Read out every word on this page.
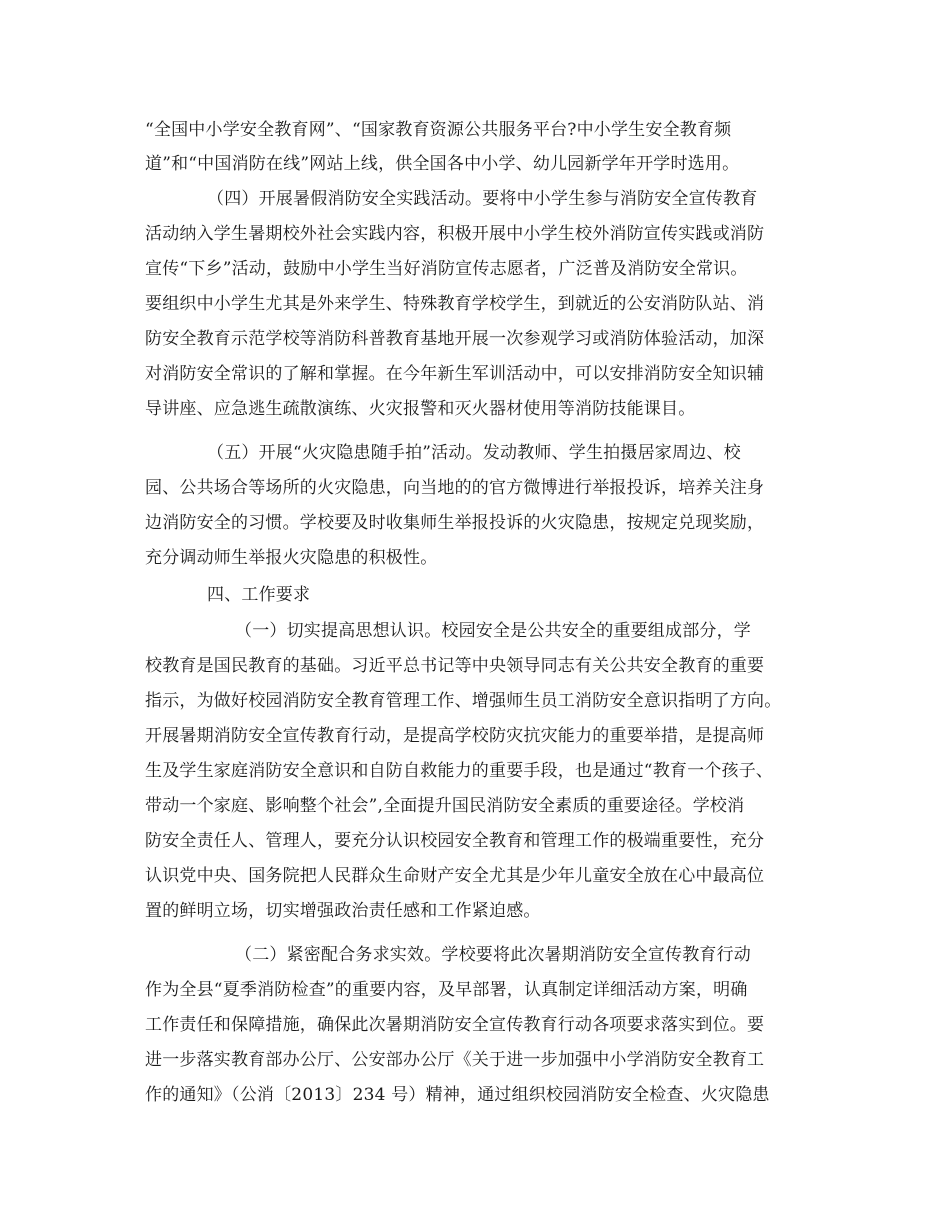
“全国中小学安全教育网”、“国家教育资源公共服务平台?中小学生安全教育频
道”和“中国消防在线”网站上线，供全国各中小学、幼儿园新学年开学时选用。
（四）开展暑假消防安全实践活动。要将中小学生参与消防安全宣传教育
活动纳入学生暑期校外社会实践内容，积极开展中小学生校外消防宣传实践或消防
宣传“下乡”活动，鼓励中小学生当好消防宣传志愿者，广泛普及消防安全常识。
要组织中小学生尤其是外来学生、特殊教育学校学生，到就近的公安消防队站、消
防安全教育示范学校等消防科普教育基地开展一次参观学习或消防体验活动，加深
对消防安全常识的了解和掌握。在今年新生军训活动中，可以安排消防安全知识辅
导讲座、应急逃生疏散演练、火灾报警和灭火器材使用等消防技能课目。
（五）开展“火灾隐患随手拍”活动。发动教师、学生拍摄居家周边、校
园、公共场合等场所的火灾隐患，向当地的的官方微博进行举报投诉，培养关注身
边消防安全的习惯。学校要及时收集师生举报投诉的火灾隐患，按规定兑现奖励，
充分调动师生举报火灾隐患的积极性。
四、工作要求
（一）切实提高思想认识。校园安全是公共安全的重要组成部分，学
校教育是国民教育的基础。习近平总书记等中央领导同志有关公共安全教育的重要
指示，为做好校园消防安全教育管理工作、增强师生员工消防安全意识指明了方向。
开展暑期消防安全宣传教育行动，是提高学校防灾抗灾能力的重要举措，是提高师
生及学生家庭消防安全意识和自防自救能力的重要手段，也是通过“教育一个孩子、
带动一个家庭、影响整个社会”,全面提升国民消防安全素质的重要途径。学校消
防安全责任人、管理人，要充分认识校园安全教育和管理工作的极端重要性，充分
认识党中央、国务院把人民群众生命财产安全尤其是少年儿童安全放在心中最高位
置的鲜明立场，切实增强政治责任感和工作紧迫感。
（二）紧密配合务求实效。学校要将此次暑期消防安全宣传教育行动
作为全县“夏季消防检查”的重要内容，及早部署，认真制定详细活动方案，明确
工作责任和保障措施，确保此次暑期消防安全宣传教育行动各项要求落实到位。要
进一步落实教育部办公厅、公安部办公厅《关于进一步加强中小学消防安全教育工
作的通知》（公消〔2013〕234 号）精神，通过组织校园消防安全检查、火灾隐患
